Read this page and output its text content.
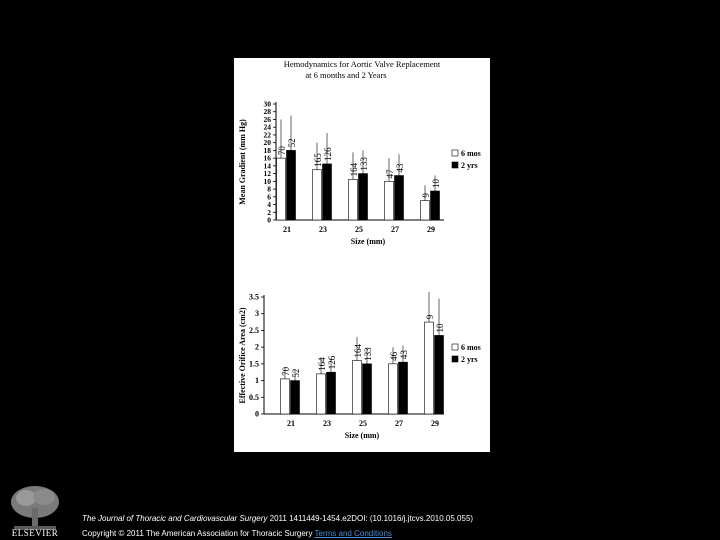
Hemodynamics for Aortic Valve Replacement
at 6 months and 2 Years
0
2
4
6
8
10
12
14
16
18
20
22
24
26
28
30
Mean Gradient (mm Hg)
Size (mm)
21
70
52
23
165 126
25
164 133
27
47
43
29
9
10
6 mos
2 yrs
0
0.5
1
1.5
2
2.5
3
3.5
Effective Orifice Area (cm2)
Size (mm)
21
70 52
23
164 126
25
164 133
27
46 43
29
9
10
6 mos
2 yrs
ELSEVIER
The Journal of Thoracic and Cardiovascular Surgery 2011 1411449-1454.e2DOI: (10.1016/j.jtcvs.2010.05.055)
Copyright © 2011 The American Association for Thoracic Surgery Terms and Conditions
